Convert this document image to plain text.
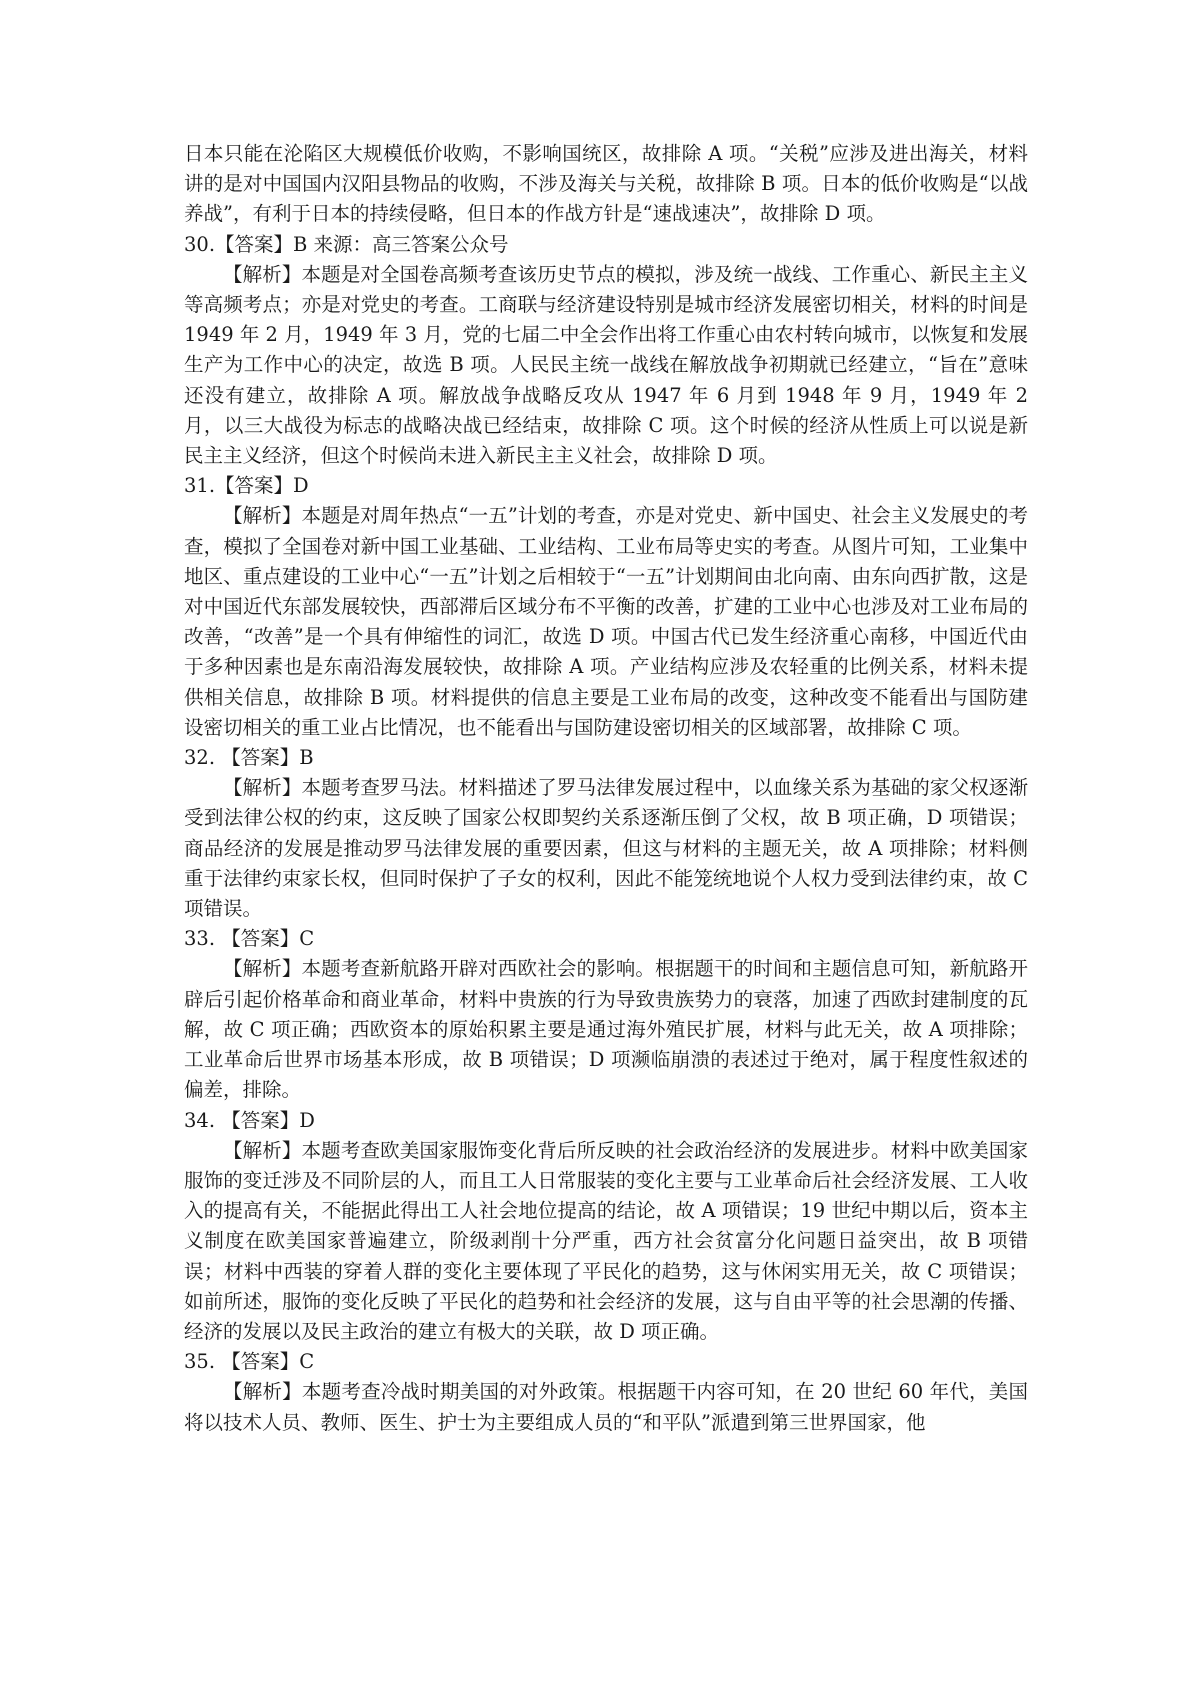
日本只能在沦陷区大规模低价收购，不影响国统区，故排除 A 项。“关税”应涉及进出海关，材料讲的是对中国国内汉阳县物品的收购，不涉及海关与关税，故排除 B 项。日本的低价收购是“以战养战”，有利于日本的持续侵略，但日本的作战方针是“速战速决”，故排除 D 项。

30.【答案】B 来源：高三答案公众号

【解析】本题是对全国卷高频考查该历史节点的模拟，涉及统一战线、工作重心、新民主主义等高频考点；亦是对党史的考查。工商联与经济建设特别是城市经济发展密切相关，材料的时间是 1949 年 2 月，1949 年 3 月，党的七届二中全会作出将工作重心由农村转向城市，以恢复和发展生产为工作中心的决定，故选 B 项。人民民主统一战线在解放战争初期就已经建立，“旨在”意味还没有建立，故排除 A 项。解放战争战略反攻从 1947 年 6 月到 1948 年 9 月，1949 年 2 月，以三大战役为标志的战略决战已经结束，故排除 C 项。这个时候的经济从性质上可以说是新民主主义经济，但这个时候尚未进入新民主主义社会，故排除 D 项。

31.【答案】D

【解析】本题是对周年热点“一五”计划的考查，亦是对党史、新中国史、社会主义发展史的考查，模拟了全国卷对新中国工业基础、工业结构、工业布局等史实的考查。从图片可知，工业集中地区、重点建设的工业中心“一五”计划之后相较于“一五”计划期间由北向南、由东向西扩散，这是对中国近代东部发展较快，西部滞后区域分布不平衡的改善，扩建的工业中心也涉及对工业布局的改善，“改善”是一个具有伸缩性的词汇，故选 D 项。中国古代已发生经济重心南移，中国近代由于多种因素也是东南沿海发展较快，故排除 A 项。产业结构应涉及农轻重的比例关系，材料未提供相关信息，故排除 B 项。材料提供的信息主要是工业布局的改变，这种改变不能看出与国防建设密切相关的重工业占比情况，也不能看出与国防建设密切相关的区域部署，故排除 C 项。

32. 【答案】B

【解析】本题考查罗马法。材料描述了罗马法律发展过程中，以血缘关系为基础的家父权逐渐受到法律公权的约束，这反映了国家公权即契约关系逐渐压倒了父权，故 B 项正确，D 项错误；商品经济的发展是推动罗马法律发展的重要因素，但这与材料的主题无关，故 A 项排除；材料侧重于法律约束家长权，但同时保护了子女的权利，因此不能笼统地说个人权力受到法律约束，故 C 项错误。

33. 【答案】C

【解析】本题考查新航路开辟对西欧社会的影响。根据题干的时间和主题信息可知，新航路开辟后引起价格革命和商业革命，材料中贵族的行为导致贵族势力的衰落，加速了西欧封建制度的瓦解，故 C 项正确；西欧资本的原始积累主要是通过海外殖民扩展，材料与此无关，故 A 项排除；工业革命后世界市场基本形成，故 B 项错误；D 项濒临崩溃的表述过于绝对，属于程度性叙述的偏差，排除。

34. 【答案】D

【解析】本题考查欧美国家服饰变化背后所反映的社会政治经济的发展进步。材料中欧美国家服饰的变迁涉及不同阶层的人，而且工人日常服装的变化主要与工业革命后社会经济发展、工人收入的提高有关，不能据此得出工人社会地位提高的结论，故 A 项错误；19 世纪中期以后，资本主义制度在欧美国家普遍建立，阶级剥削十分严重，西方社会贫富分化问题日益突出，故 B 项错误；材料中西装的穿着人群的变化主要体现了平民化的趋势，这与休闲实用无关，故 C 项错误；如前所述，服饰的变化反映了平民化的趋势和社会经济的发展，这与自由平等的社会思潮的传播、经济的发展以及民主政治的建立有极大的关联，故 D 项正确。

35. 【答案】C

【解析】本题考查冷战时期美国的对外政策。根据题干内容可知，在 20 世纪 60 年代，美国将以技术人员、教师、医生、护士为主要组成人员的“和平队”派遣到第三世界国家，他
